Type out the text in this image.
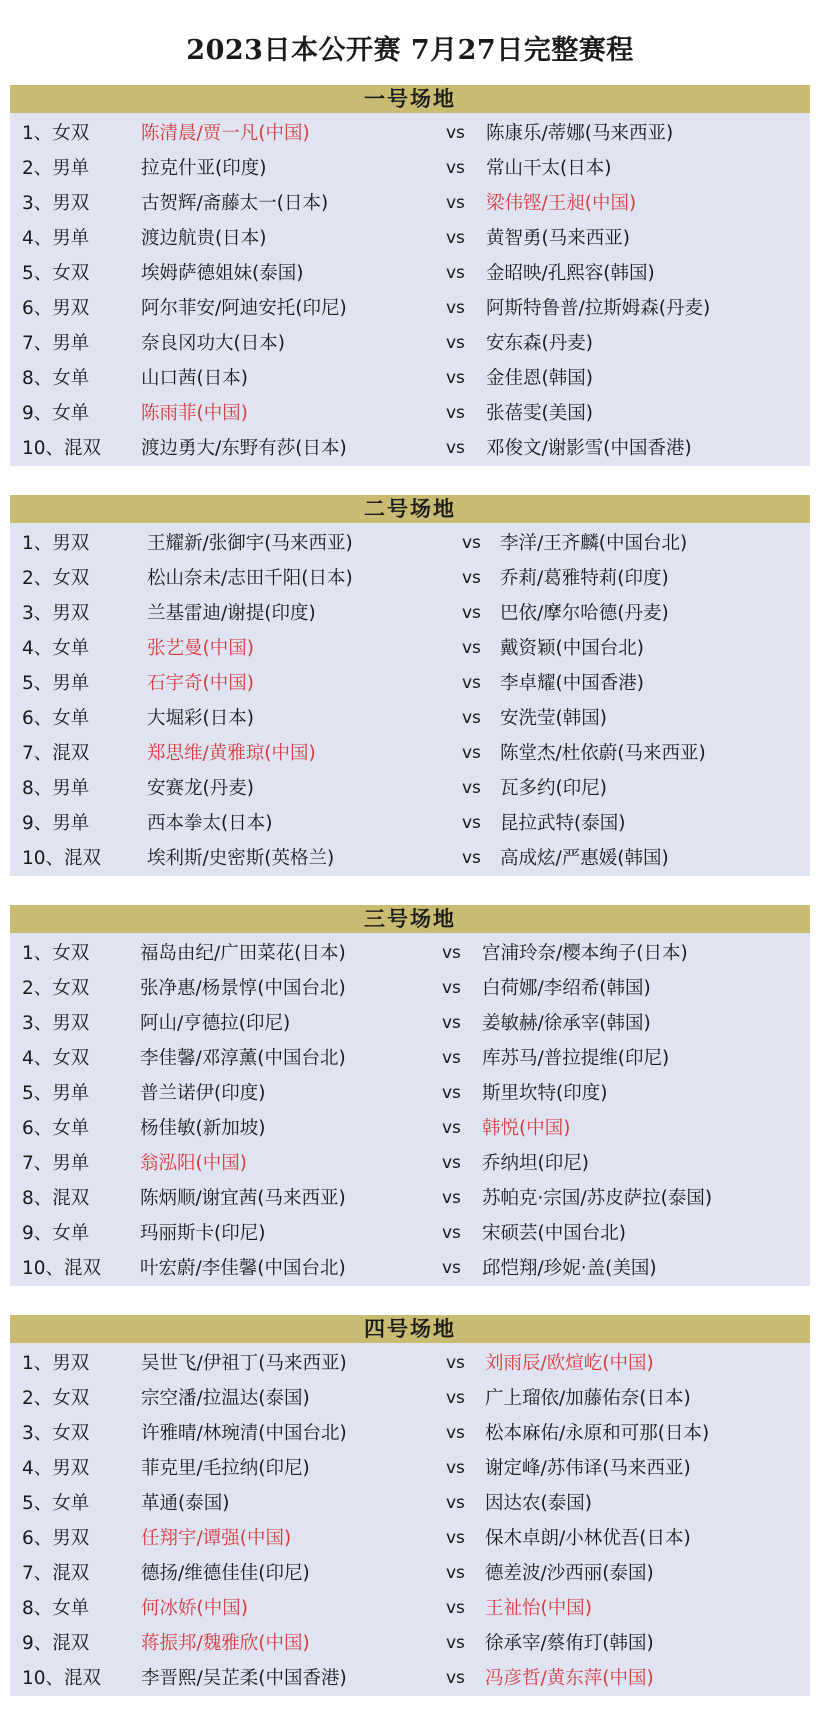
2023日本公开赛 7月27日完整赛程
一号场地
1、女双	陈清晨/贾一凡(中国)	vs 陈康乐/蒂娜(马来西亚)
2、男单	拉克什亚(印度)	vs 常山干太(日本)
3、男双	古贺辉/斋藤太一(日本)	vs 梁伟铿/王昶(中国)
4、男单	渡边航贵(日本)	vs 黄智勇(马来西亚)
5、女双	埃姆萨德姐妹(泰国)	vs 金昭映/孔熙容(韩国)
6、男双	阿尔菲安/阿迪安托(印尼)	vs 阿斯特鲁普/拉斯姆森(丹麦)
7、男单	奈良冈功大(日本)	vs 安东森(丹麦)
8、女单	山口茜(日本)	vs 金佳恩(韩国)
9、女单	陈雨菲(中国)	vs 张蓓雯(美国)
10、混双 渡边勇大/东野有莎(日本)	vs 邓俊文/谢影雪(中国香港)
二号场地
1、男双	王耀新/张御宇(马来西亚)	vs 李洋/王齐麟(中国台北)
2、女双	松山奈未/志田千阳(日本)	vs 乔莉/葛雅特莉(印度)
3、男双	兰基雷迪/谢提(印度)	vs 巴依/摩尔哈德(丹麦)
4、女单	张艺曼(中国)	vs 戴资颖(中国台北)
5、男单	石宇奇(中国)	vs 李卓耀(中国香港)
6、女单	大堀彩(日本)	vs 安洗莹(韩国)
7、混双	郑思维/黄雅琼(中国)	vs 陈堂杰/杜依蔚(马来西亚)
8、男单	安赛龙(丹麦)	vs 瓦多约(印尼)
9、男单	西本拳太(日本)	vs 昆拉武特(泰国)
10、混双 埃利斯/史密斯(英格兰)	vs 高成炫/严惠媛(韩国)
三号场地
1、女双	福岛由纪/广田菜花(日本)	vs 宫浦玲奈/樱本绚子(日本)
2、女双	张净惠/杨景惇(中国台北)	vs 白荷娜/李绍希(韩国)
3、男双	阿山/亨德拉(印尼)	vs 姜敏赫/徐承宰(韩国)
4、女双	李佳馨/邓淳薰(中国台北)	vs 库苏马/普拉提维(印尼)
5、男单	普兰诺伊(印度)	vs 斯里坎特(印度)
6、女单	杨佳敏(新加坡)	vs 韩悦(中国)
7、男单	翁泓阳(中国)	vs 乔纳坦(印尼)
8、混双	陈炳顺/谢宜茜(马来西亚)	vs 苏帕克·宗国/苏皮萨拉(泰国)
9、女单	玛丽斯卡(印尼)	vs 宋硕芸(中国台北)
10、混双 叶宏蔚/李佳馨(中国台北)	vs 邱恺翔/珍妮·盖(美国)
四号场地
1、男双	吴世飞/伊祖丁(马来西亚)	vs 刘雨辰/欧煊屹(中国)
2、女双	宗空潘/拉温达(泰国)	vs 广上瑠依/加藤佑奈(日本)
3、女双	许雅晴/林琬清(中国台北)	vs 松本麻佑/永原和可那(日本)
4、男双	菲克里/毛拉纳(印尼)	vs 谢定峰/苏伟译(马来西亚)
5、女单	革通(泰国)	vs 因达农(泰国)
6、男双	任翔宇/谭强(中国)	vs 保木卓朗/小林优吾(日本)
7、混双	德扬/维德佳佳(印尼)	vs 德差波/沙西丽(泰国)
8、女单	何冰娇(中国)	vs 王祉怡(中国)
9、混双	蒋振邦/魏雅欣(中国)	vs 徐承宰/蔡侑玎(韩国)
10、混双 李晋熙/吴芷柔(中国香港)	vs 冯彦哲/黄东萍(中国)
